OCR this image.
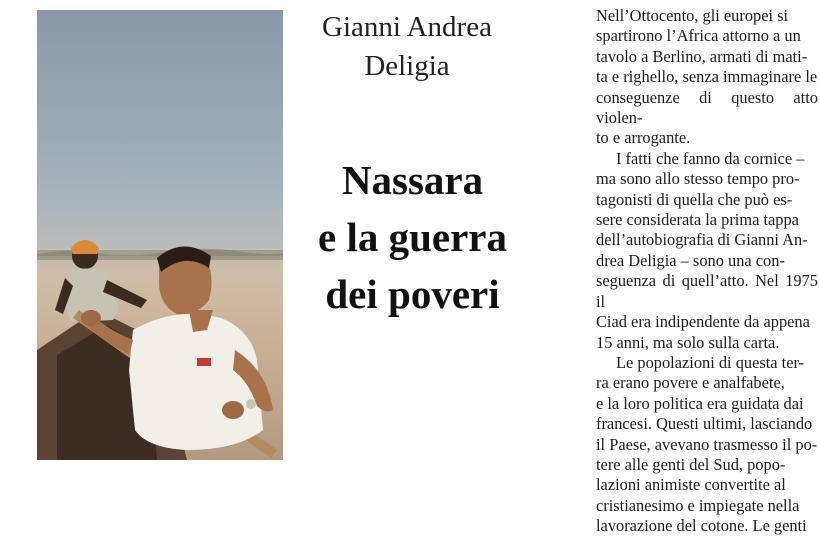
Gianni Andrea
Deligia
Nassara
e la guerra
dei poveri

Nell’Ottocento, gli europei si
spartirono l’Africa attorno a un
tavolo a Berlino, armati di mati-
ta e righello, senza immaginare le
conseguenze di questo atto violen-
to e arrogante.

I fatti che fanno da cornice –
ma sono allo stesso tempo pro-
tagonisti di quella che può es-
sere considerata la prima tappa
dell’autobiografia di Gianni An-
drea Deligia – sono una con-
seguenza di quell’atto. Nel 1975 il
Ciad era indipendente da appena
15 anni, ma solo sulla carta.

Le popolazioni di questa ter-
ra erano povere e analfabete,
e la loro politica era guidata dai
francesi. Questi ultimi, lasciando
il Paese, avevano trasmesso il po-
tere alle genti del Sud, popo-
lazioni animiste convertite al
cristianesimo e impiegate nella
lavorazione del cotone. Le genti
